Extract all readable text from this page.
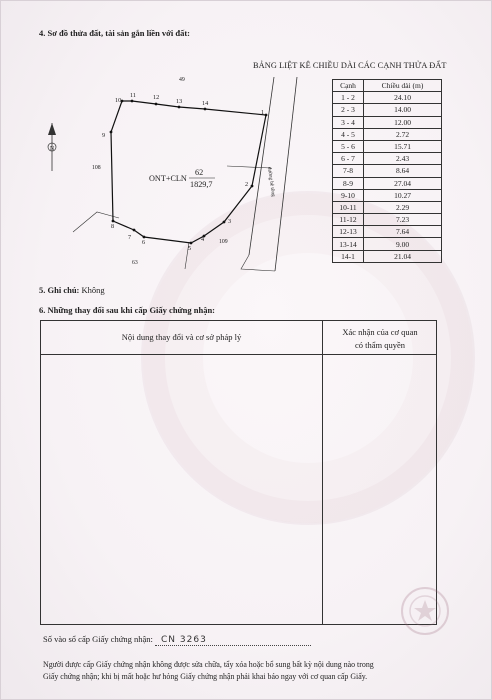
4. Sơ đồ thửa đất, tài sản gắn liền với đất:
N
đường bê tông
1
2
3
4
5
6
7
8
9
10
11	12
13	14
49
108
109
63
ONT+CLN
62
1829,7
BẢNG LIỆT KÊ CHIỀU DÀI CÁC CẠNH THỬA ĐẤT
Cạnh	Chiều dài (m)
1 - 2	24.10
2 - 3	14.00
3 - 4	12.00
4 - 5	2.72
5 - 6	15.71
6 - 7	2.43
7-8	8.64
8-9	27.04
9-10	10.27
10-11	2.29
11-12	7.23
12-13	7.64
13-14	9.00
14-1	21.04
5. Ghi chú: Không
6. Những thay đổi sau khi cấp Giấy chứng nhận:
Nội dung thay đổi và cơ sở pháp lý	Xác nhận của cơ quan
có thẩm quyền
Số vào sổ cấp Giấy chứng nhận: CN 3263

Người được cấp Giấy chứng nhận không được sửa chữa, tẩy xóa hoặc bổ sung bất kỳ nội dung nào trong
Giấy chứng nhận; khi bị mất hoặc hư hỏng Giấy chứng nhận phải khai báo ngay với cơ quan cấp Giấy.
